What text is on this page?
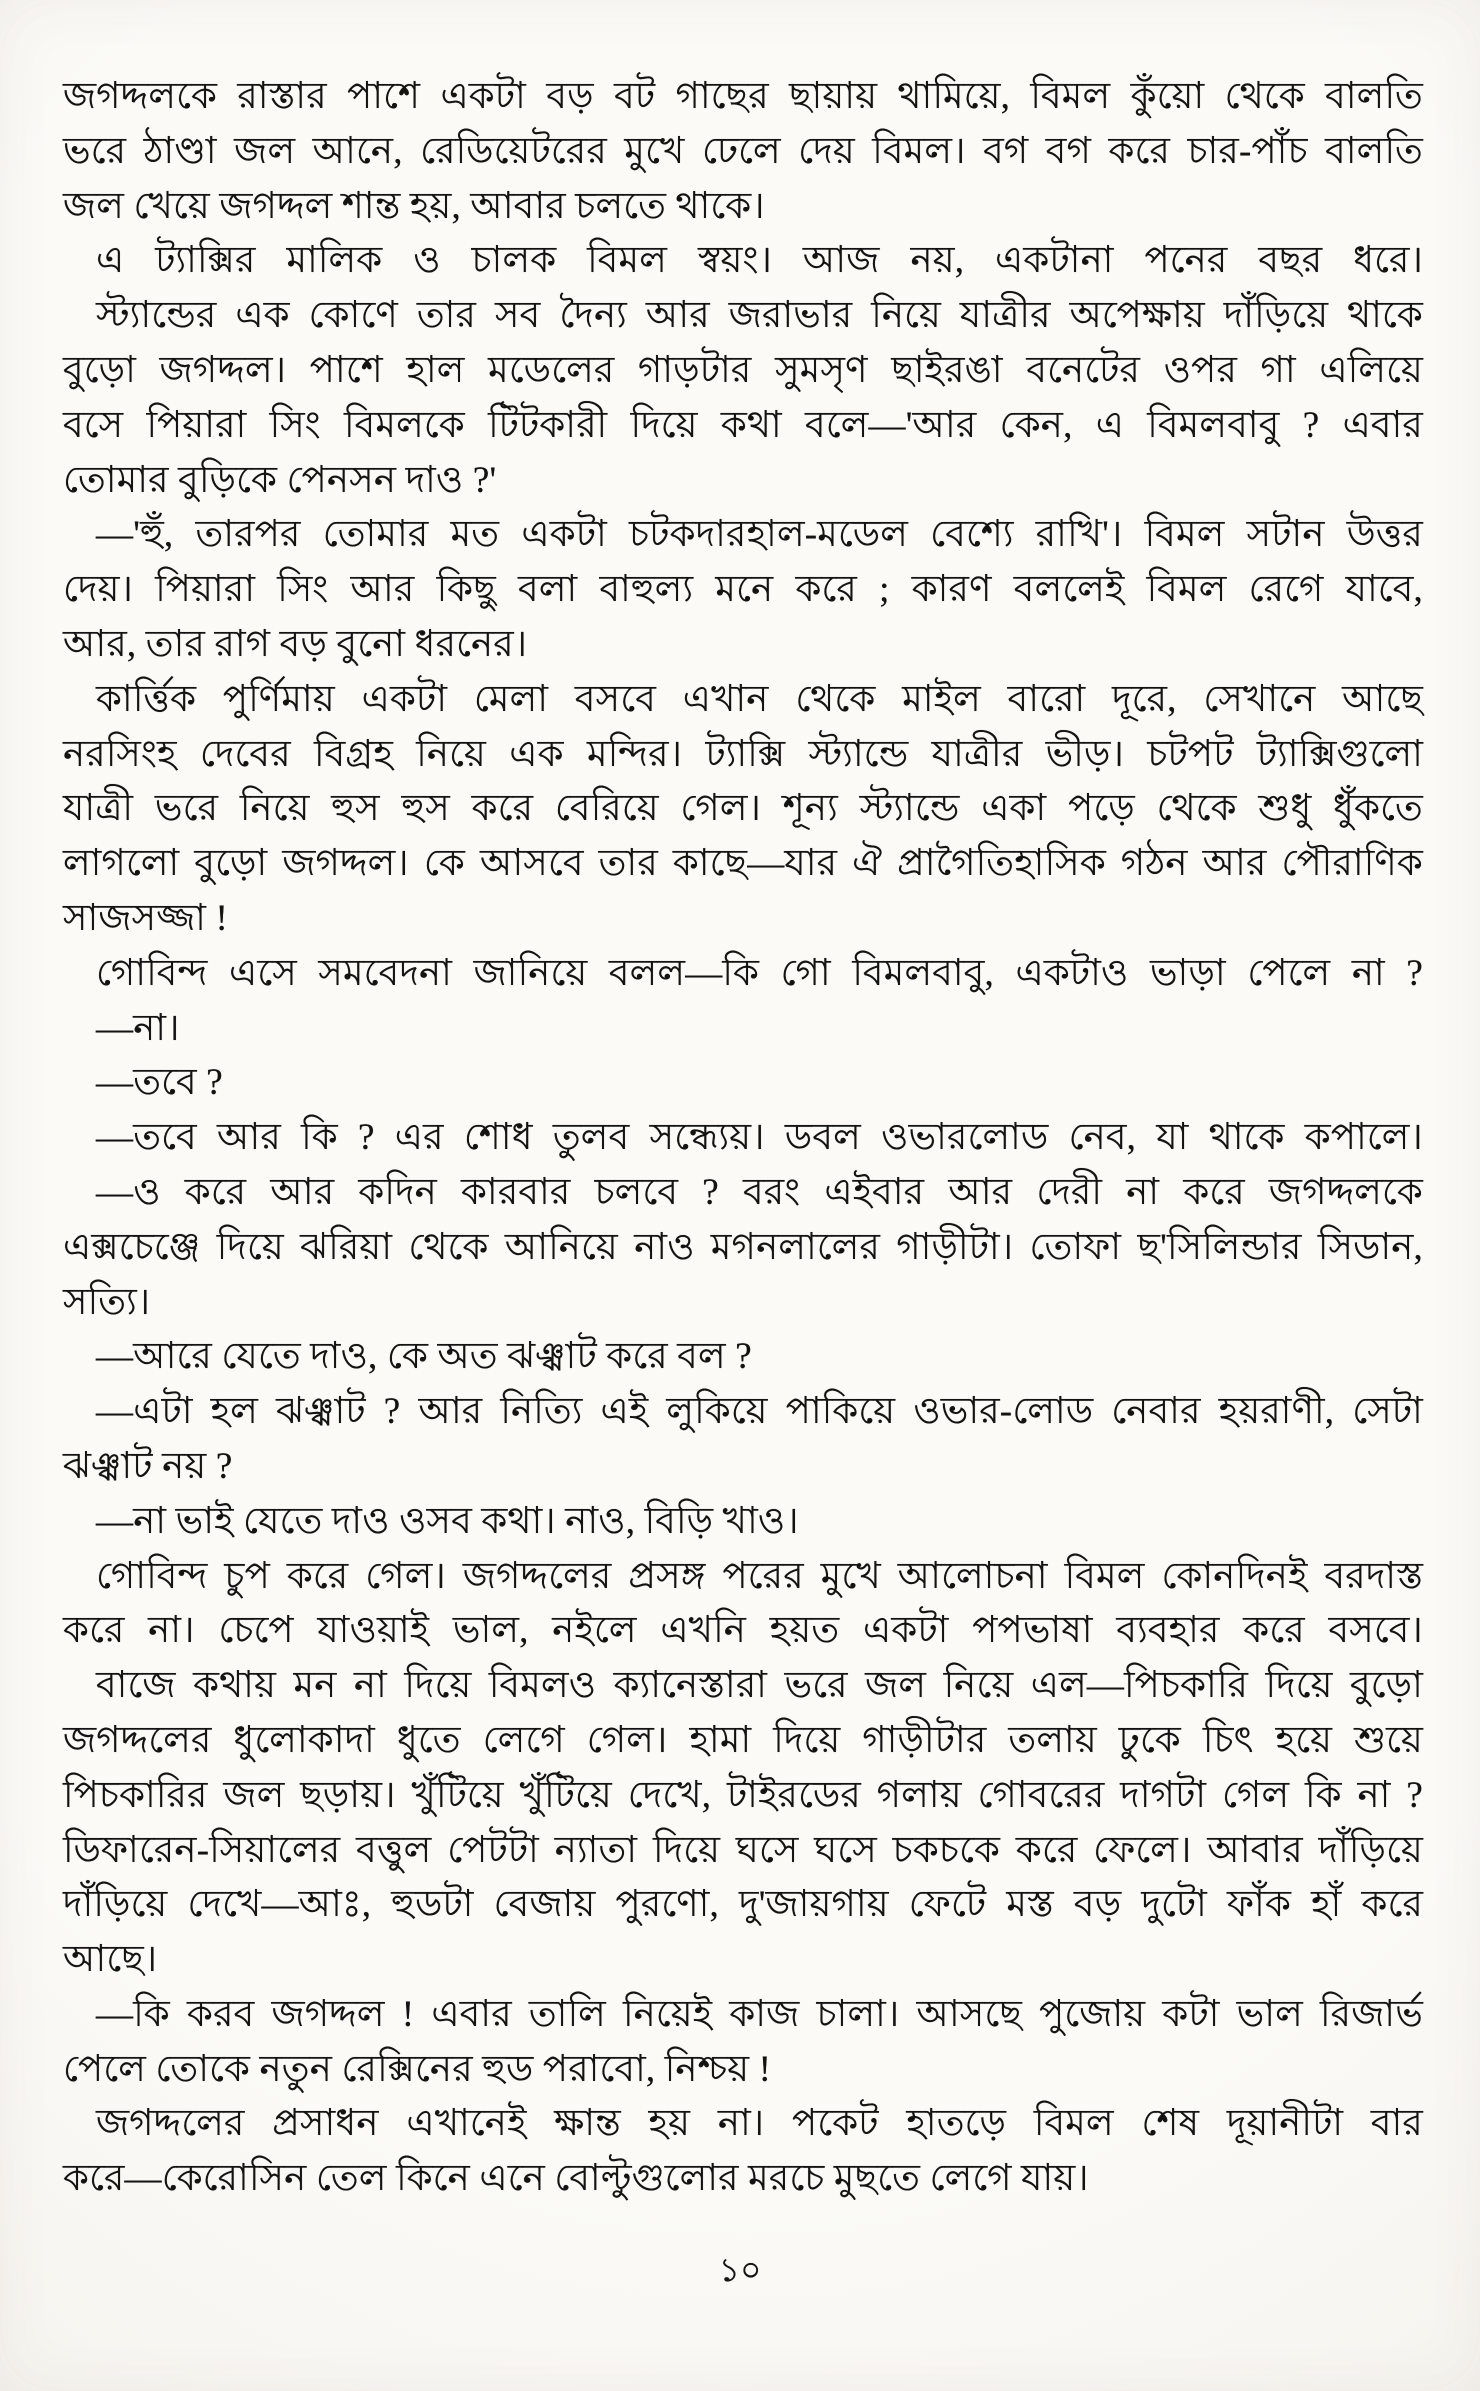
জগদ্দলকে রাস্তার পাশে একটা বড় বট গাছের ছায়ায় থামিয়ে, বিমল কুঁয়ো থেকে বালতি
ভরে ঠাণ্ডা জল আনে, রেডিয়েটরের মুখে ঢেলে দেয় বিমল। বগ বগ করে চার-পাঁচ বালতি
জল খেয়ে জগদ্দল শান্ত হয়, আবার চলতে থাকে।
এ ট্যাক্সির মালিক ও চালক বিমল স্বয়ং। আজ নয়, একটানা পনের বছর ধরে।
স্ট্যান্ডের এক কোণে তার সব দৈন্য আর জরাভার নিয়ে যাত্রীর অপেক্ষায় দাঁড়িয়ে থাকে
বুড়ো জগদ্দল। পাশে হাল মডেলের গাড়টার সুমসৃণ ছাইরঙা বনেটের ওপর গা এলিয়ে
বসে পিয়ারা সিং বিমলকে টিটকারী দিয়ে কথা বলে—'আর কেন, এ বিমলবাবু ? এবার
তোমার বুড়িকে পেনসন দাও ?'
—'হুঁ, তারপর তোমার মত একটা চটকদারহাল-মডেল বেশ্যে রাখি'। বিমল সটান উত্তর
দেয়। পিয়ারা সিং আর কিছু বলা বাহুল্য মনে করে ; কারণ বললেই বিমল রেগে যাবে,
আর, তার রাগ বড় বুনো ধরনের।
কার্ত্তিক পুর্ণিমায় একটা মেলা বসবে এখান থেকে মাইল বারো দূরে, সেখানে আছে
নরসিংহ দেবের বিগ্রহ নিয়ে এক মন্দির। ট্যাক্সি স্ট্যান্ডে যাত্রীর ভীড়। চটপট ট্যাক্সিগুলো
যাত্রী ভরে নিয়ে হুস হুস করে বেরিয়ে গেল। শূন্য স্ট্যান্ডে একা পড়ে থেকে শুধু ধুঁকতে
লাগলো বুড়ো জগদ্দল। কে আসবে তার কাছে—যার ঐ প্রাগৈতিহাসিক গঠন আর পৌরাণিক
সাজসজ্জা !
গোবিন্দ এসে সমবেদনা জানিয়ে বলল—কি গো বিমলবাবু, একটাও ভাড়া পেলে না ?
—না।
—তবে ?
—তবে আর কি ? এর শোধ তুলব সন্ধ্যেয়। ডবল ওভারলোড নেব, যা থাকে কপালে।
—ও করে আর কদিন কারবার চলবে ? বরং এইবার আর দেরী না করে জগদ্দলকে
এক্সচেঞ্জে দিয়ে ঝরিয়া থেকে আনিয়ে নাও মগনলালের গাড়ীটা। তোফা ছ'সিলিন্ডার সিডান,
সত্যি।
—আরে যেতে দাও, কে অত ঝঞ্ঝাট করে বল ?
—এটা হল ঝঞ্ঝাট ? আর নিত্যি এই লুকিয়ে পাকিয়ে ওভার-লোড নেবার হয়রাণী, সেটা
ঝঞ্ঝাট নয় ?
—না ভাই যেতে দাও ওসব কথা। নাও, বিড়ি খাও।
গোবিন্দ চুপ করে গেল। জগদ্দলের প্রসঙ্গ পরের মুখে আলোচনা বিমল কোনদিনই বরদাস্ত
করে না। চেপে যাওয়াই ভাল, নইলে এখনি হয়ত একটা পপভাষা ব্যবহার করে বসবে।
বাজে কথায় মন না দিয়ে বিমলও ক্যানেস্তারা ভরে জল নিয়ে এল—পিচকারি দিয়ে বুড়ো
জগদ্দলের ধুলোকাদা ধুতে লেগে গেল। হামা দিয়ে গাড়ীটার তলায় ঢুকে চিৎ হয়ে শুয়ে
পিচকারির জল ছড়ায়। খুঁটিয়ে খুঁটিয়ে দেখে, টাইরডের গলায় গোবরের দাগটা গেল কি না ?
ডিফারেন-সিয়ালের বত্তুল পেটটা ন্যাতা দিয়ে ঘসে ঘসে চকচকে করে ফেলে। আবার দাঁড়িয়ে
দাঁড়িয়ে দেখে—আঃ, হুডটা বেজায় পুরণো, দু'জায়গায় ফেটে মস্ত বড় দুটো ফাঁক হাঁ করে
আছে।
—কি করব জগদ্দল ! এবার তালি নিয়েই কাজ চালা। আসছে পুজোয় কটা ভাল রিজার্ভ
পেলে তোকে নতুন রেক্সিনের হুড পরাবো, নিশ্চয় !
জগদ্দলের প্রসাধন এখানেই ক্ষান্ত হয় না। পকেট হাতড়ে বিমল শেষ দূয়ানীটা বার
করে—কেরোসিন তেল কিনে এনে বোল্টুগুলোর মরচে মুছতে লেগে যায়।
১০
